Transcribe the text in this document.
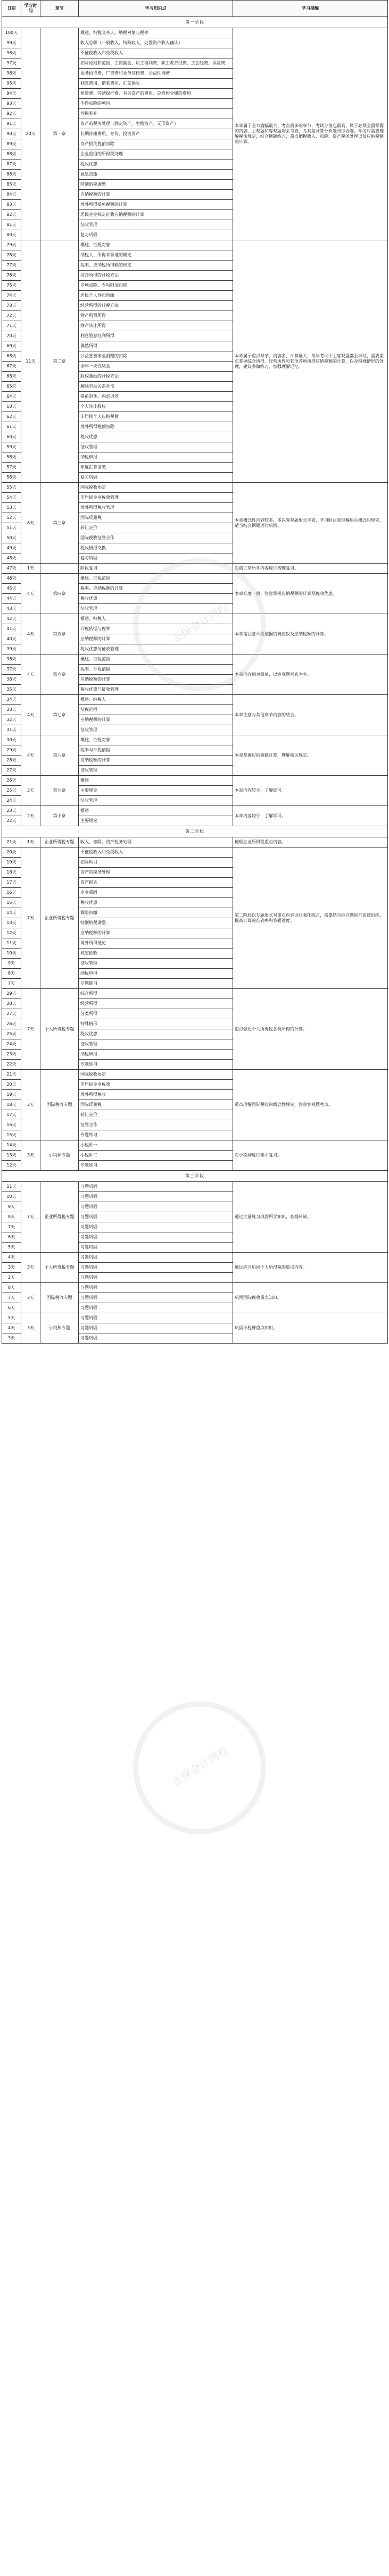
日期	学习时间	章节	学习知识点	学习提醒
第一阶段				
100天	20天	第一章	概述、纳税义务人、纳税对象与税率	本章属于全书篇幅最大、考点最多的章节，考试分值也最高，属于必须全面掌握的内容，主观题和客观题均会考查，尤其是计算分析题和综合题。学习时需要理解税法规定，结合例题练习，重点把握收入、扣除、资产税务处理以及应纳税额的计算。
99天			收入总额（一般收入、特殊收入、处置资产收入确认）	
98天			不征税收入和免税收入	
97天			扣除原则和范围、工资薪金、职工福利费、职工教育经费、工会经费、保险费	
96天			业务招待费、广告费和业务宣传费、公益性捐赠	
95天			利息费用、借款费用、汇兑损失	
94天			租赁费、劳动保护费、有关资产的费用、总机构分摊的费用	
93天			不得扣除的项目	
92天			亏损弥补	
91天			资产的税务处理（固定资产、生物资产、无形资产）	
90天			长期待摊费用、存货、投资资产	
89天			资产损失税前扣除	
88天			企业重组的所得税处理	
87天			税收优惠	
86天			源泉扣缴	
85天			特别纳税调整	
84天			应纳税额的计算	
83天			境外所得抵免税额的计算	
82天			居民企业核定征收应纳税额的计算	
81天			征收管理	
80天			复习巩固	
79天	11天	第二章	概述、征税对象	本章属于重点章节，内容多、计算量大，每年考试中主客观题都会涉及，需要重点掌握综合所得、经营所得和其他各项所得应纳税额的计算，以及特殊情形的处理，建议多做练习，加强理解记忆。
78天			纳税人、所得来源地的确定	
77天			税率、应纳税所得额的规定	
76天			综合所得的计税方法	
75天			专项扣除、专项附加扣除	
74天			居民个人预扣预缴	
73天			经营所得的计税方法	
72天			财产租赁所得	
71天			财产转让所得	
70天			利息股息红利所得	
69天			偶然所得	
68天			公益慈善事业捐赠的扣除	
67天			全年一次性奖金	
66天			股权激励的计税方法	
65天			解除劳动关系补偿	
64天			提前退休、内部退养	
63天			个人转让股权	
62天			非居民个人应纳税额	
61天			境外所得税额扣除	
60天			税收优惠	
59天			征收管理	
58天			纳税申报	
57天			年度汇算清缴	
56天			复习巩固	
55天	8天	第三章	国际税收协定	本章概念性内容较多，多以客观题形式考查，学习时注意理解相关概念和规定，适当结合例题进行巩固。
54天			非居民企业税收管理	
53天			境外所得税收管理	
52天			国际反避税	
51天			转让定价	
50天			国际税收征管合作	
49天			税收情报交换	
48天			复习巩固	
47天	1天		阶段复习	对前三章所学内容进行梳理复习。
46天	4天	第四章	概述、征税范围	本章难度一般，注意掌握应纳税额的计算及税收优惠。
45天			税率、应纳税额的计算	
44天			税收优惠	
43天			征收管理	
42天	4天	第五章	概述、纳税人	本章需注意计税依据的确定以及应纳税额的计算。
41天			计税依据与税率	
40天			应纳税额的计算	
39天			税收优惠与征收管理	
38天	4天	第六章	概述、征税范围	本章内容相对简单，以客观题考查为主。
37天			税率、计税依据	
36天			应纳税额的计算	
35天			税收优惠与征收管理	
34天	4天	第七章	概述、纳税人	本章注意与其他章节内容的结合。
33天			征税范围	
32天			应纳税额的计算	
31天			征收管理	
30天	4天	第八章	概述、征税对象	本章掌握应纳税额计算，理解相关规定。
29天			税率与计税依据	
28天			应纳税额的计算	
27天			征收管理	
26天	3天	第九章	概述	本章内容较少，了解即可。
25天			主要规定	
24天			征收管理	
23天	2天	第十章	概述	本章内容较少，了解即可。
22天			主要规定	
第二阶段				
21天	1天	企业所得税专题	收入、扣除、资产税务处理	梳理企业所得税重点内容。
20天	7天	企业所得税专题	不征税收入和免税收入	第二阶段以专题形式对重点内容进行强化练习，需要结合综合题进行系统训练，提高计算的准确率和答题速度。
19天			扣除项目	
18天			资产的税务处理	
17天			资产损失	
16天			企业重组	
15天			税收优惠	
14天			源泉扣缴	
13天			特别纳税调整	
12天			应纳税额的计算	
11天			境外所得抵免	
10天			核定征收	
9天			征收管理	
8天			纳税申报	
7天			专题练习	
29天	7天	个人所得税专题	综合所得	重点强化个人所得税各类所得的计算。
28天			经营所得	
27天			分类所得	
26天			特殊情形	
25天			税收优惠	
24天			征收管理	
23天			纳税申报	
22天			专题练习	
21天	3天	国际税收专题	国际税收协定	重点理解国际税收的概念性规定，注意客观题考点。
20天			非居民企业税收	
19天			境外所得税收	
18天			国际反避税	
17天			转让定价	
16天			征管合作	
15天			专题练习	
14天	3天	小税种专题	小税种一	对小税种进行集中复习。
13天			小税种二	
12天			专题练习	
第三阶段				
11天	7天	企业所得税专题	习题巩固	通过大量练习巩固所学知识，查漏补缺。
10天			习题巩固	
9天			习题巩固	
8天			习题巩固	
7天			习题巩固	
6天			习题巩固	
5天			习题巩固	
4天	3天	个人所得税专题	习题巩固	通过练习巩固个人所得税的重点内容。
3天			习题巩固	
2天			习题巩固	
8天	3天	国际税收专题	习题巩固	巩固国际税收重点知识。
7天			习题巩固	
6天			习题巩固	
5天	3天	小税种专题	习题巩固	巩固小税种重点知识。
4天			习题巩固	
3天			习题巩固	
正保会计网校
正保会计网校
